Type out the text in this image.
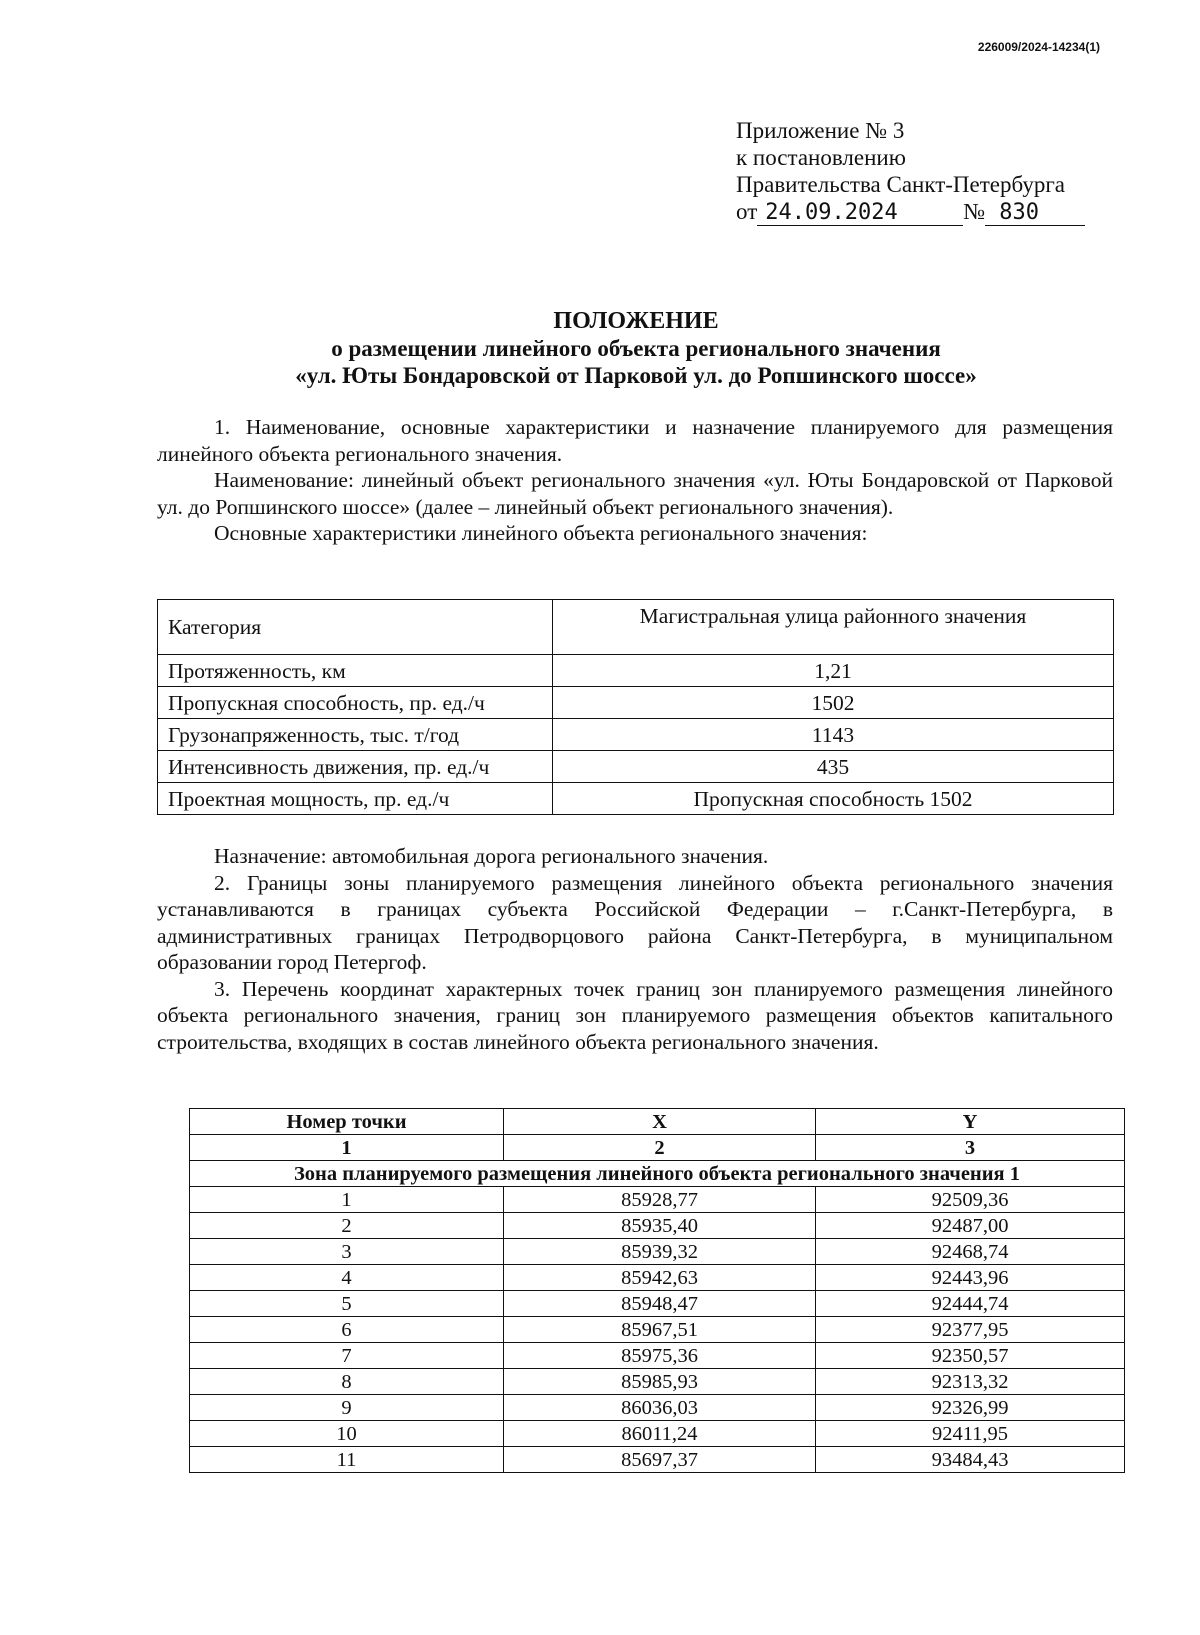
226009/2024-14234(1)
Приложение № 3
к постановлению
Правительства Санкт-Петербурга
от 24.09.2024	№ 830
ПОЛОЖЕНИЕ
о размещении линейного объекта регионального значения
«ул. Юты Бондаровской от Парковой ул. до Ропшинского шоссе»

1. Наименование, основные характеристики и назначение планируемого для размещения линейного объекта регионального значения.

Наименование: линейный объект регионального значения «ул. Юты Бондаровской от Парковой ул. до Ропшинского шоссе» (далее – линейный объект регионального значения).

Основные характеристики линейного объекта регионального значения:

Категория	Магистральная улица районного значения
Протяженность, км	1,21
Пропускная способность, пр. ед./ч	1502
Грузонапряженность, тыс. т/год	1143
Интенсивность движения, пр. ед./ч	435
Проектная мощность, пр. ед./ч	Пропускная способность 1502

Назначение: автомобильная дорога регионального значения.

2. Границы зоны планируемого размещения линейного объекта регионального значения устанавливаются в границах субъекта Российской Федерации – г.Санкт-Петербурга, в административных границах Петродворцового района Санкт-Петербурга, в муниципальном образовании город Петергоф.

3. Перечень координат характерных точек границ зон планируемого размещения линейного объекта регионального значения, границ зон планируемого размещения объектов капитального строительства, входящих в состав линейного объекта регионального значения.

Номер точки	X	Y
1	2	3
Зона планируемого размещения линейного объекта регионального значения 1		
1	85928,77	92509,36
2	85935,40	92487,00
3	85939,32	92468,74
4	85942,63	92443,96
5	85948,47	92444,74
6	85967,51	92377,95
7	85975,36	92350,57
8	85985,93	92313,32
9	86036,03	92326,99
10	86011,24	92411,95
11	85697,37	93484,43
